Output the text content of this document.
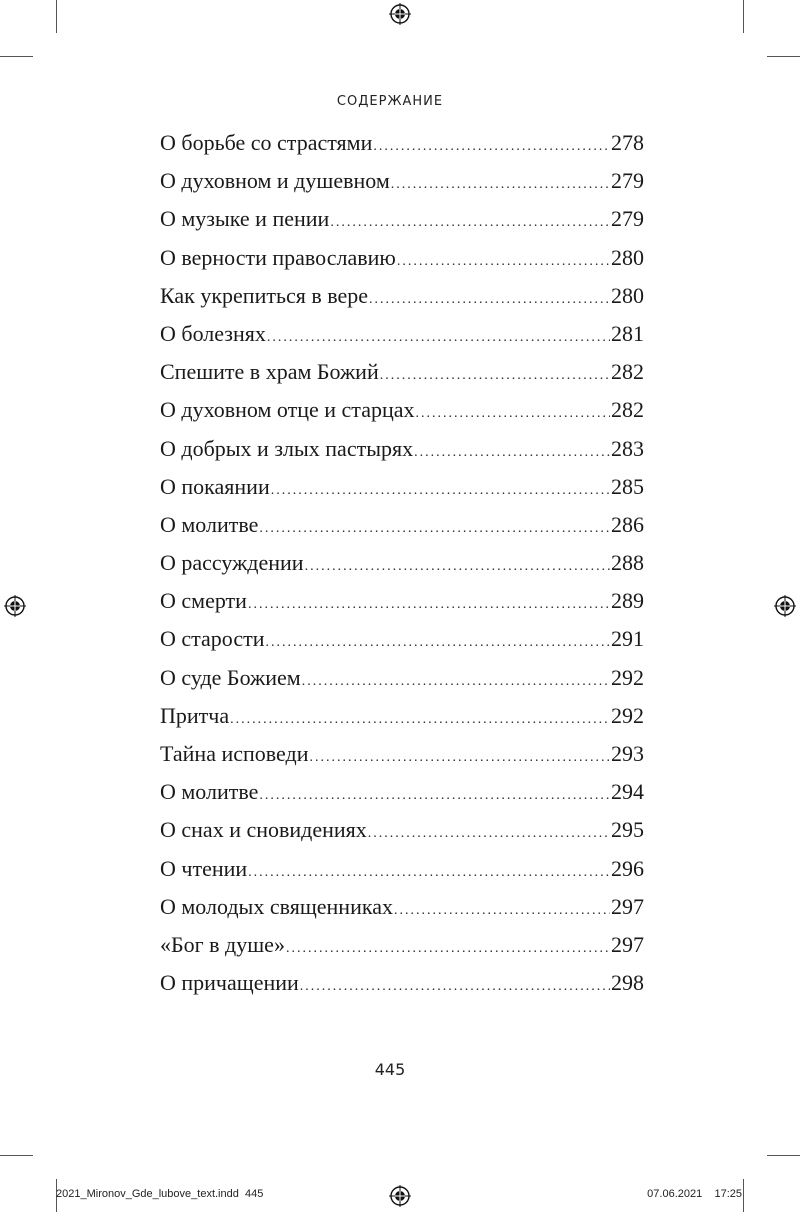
СОДЕРЖАНИЕ
О борьбе со страстями .....	278
О духовном и душевном .....	279
О музыке и пении .....	279
О верности православию .....	280
Как укрепиться в вере .....	280
О болезнях .....	281
Спешите в храм Божий .....	282
О духовном отце и старцах .....	282
О добрых и злых пастырях .....	283
О покаянии .....	285
О молитве .....	286
О рассуждении .....	288
О смерти .....	289
О старости .....	291
О суде Божием .....	292
Притча .....	292
Тайна исповеди .....	293
О молитве .....	294
О снах и сновидениях .....	295
О чтении .....	296
О молодых священниках .....	297
«Бог в душе» .....	297
О причащении .....	298
445
2021_Mironov_Gde_lubove_text.indd 445	07.06.2021 17:25
